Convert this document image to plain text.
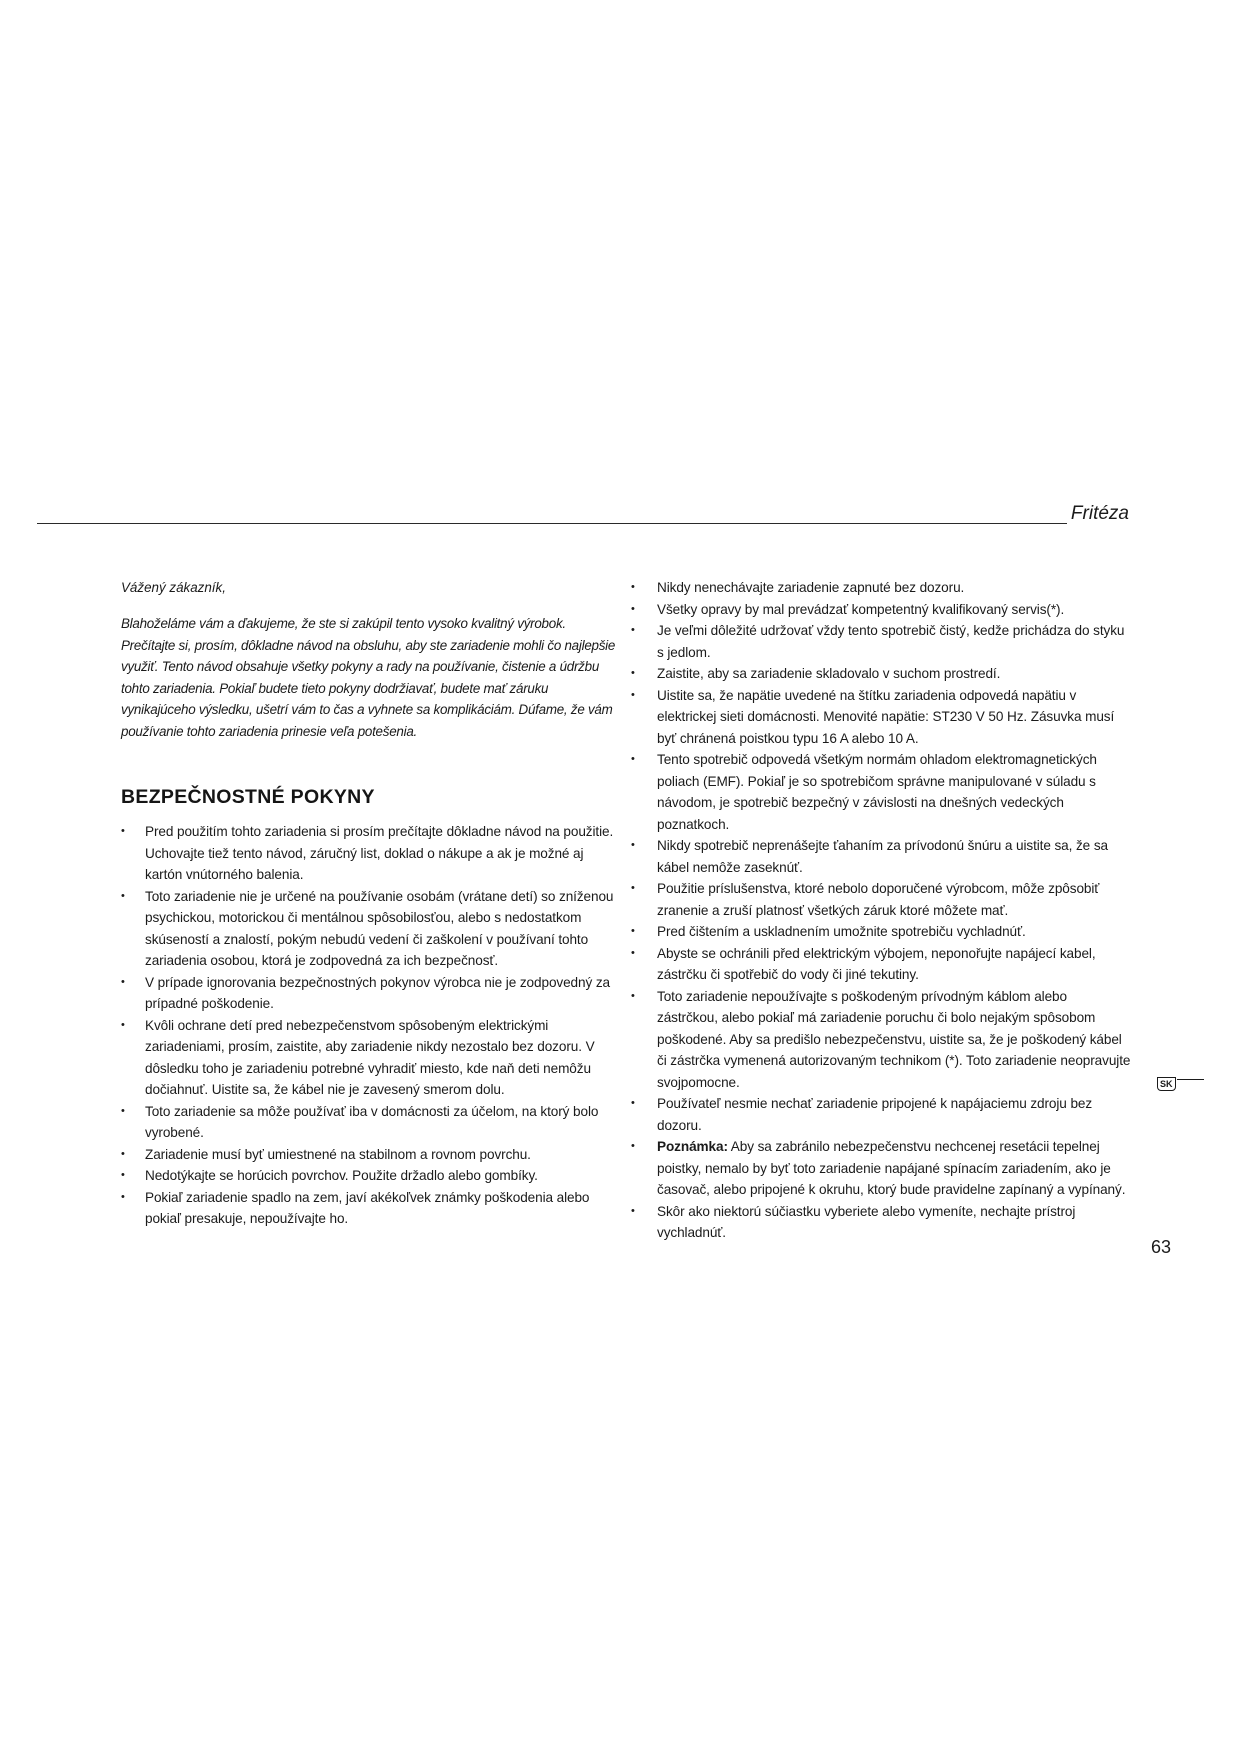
Fritéza

Vážený zákazník,

Blahoželáme vám a ďakujeme, že ste si zakúpil tento vysoko kvalitný výrobok. Prečítajte si, prosím, dôkladne návod na obsluhu, aby ste zariadenie mohli čo najlepšie využiť. Tento návod obsahuje všetky pokyny a rady na používanie, čistenie a údržbu tohto zariadenia. Pokiaľ budete tieto pokyny dodržiavať, budete mať záruku vynikajúceho výsledku, ušetrí vám to čas a vyhnete sa komplikáciám. Dúfame, že vám používanie tohto zariadenia prinesie veľa potešenia.

BEZPEČNOSTNÉ POKYNY
• Pred použitím tohto zariadenia si prosím prečítajte dôkladne návod na použitie. Uchovajte tiež tento návod, záručný list, doklad o nákupe a ak je možné aj kartón vnútorného balenia.
• Toto zariadenie nie je určené na používanie osobám (vrátane detí) so zníženou psychickou, motorickou či mentálnou spôsobilosťou, alebo s nedostatkom skúseností a znalostí, pokým nebudú vedení či zaškolení v používaní tohto zariadenia osobou, ktorá je zodpovedná za ich bezpečnosť.
• V prípade ignorovania bezpečnostných pokynov výrobca nie je zodpovedný za prípadné poškodenie.
• Kvôli ochrane detí pred nebezpečenstvom spôsobeným elektrickými zariadeniami, prosím, zaistite, aby zariadenie nikdy nezostalo bez dozoru. V dôsledku toho je zariadeniu potrebné vyhradiť miesto, kde naň deti nemôžu dočiahnuť. Uistite sa, že kábel nie je zavesený smerom dolu.
• Toto zariadenie sa môže používať iba v domácnosti za účelom, na ktorý bolo vyrobené.
• Zariadenie musí byť umiestnené na stabilnom a rovnom povrchu.
• Nedotýkajte se horúcich povrchov. Použite držadlo alebo gombíky.
• Pokiaľ zariadenie spadlo na zem, javí akékoľvek známky poškodenia alebo pokiaľ presakuje, nepoužívajte ho.
• Nikdy nenechávajte zariadenie zapnuté bez dozoru.
• Všetky opravy by mal prevádzať kompetentný kvalifikovaný servis(*).
• Je veľmi dôležité udržovať vždy tento spotrebič čistý, kedže prichádza do styku s jedlom.
• Zaistite, aby sa zariadenie skladovalo v suchom prostredí.
• Uistite sa, že napätie uvedené na štítku zariadenia odpovedá napätiu v elektrickej sieti domácnosti. Menovité napätie: ST230 V 50 Hz. Zásuvka musí byť chránená poistkou typu 16 A alebo 10 A.
• Tento spotrebič odpovedá všetkým normám ohladom elektromagnetických poliach (EMF). Pokiaľ je so spotrebičom správne manipulované v súladu s návodom, je spotrebič bezpečný v závislosti na dnešných vedeckých poznatkoch.
• Nikdy spotrebič neprenášejte ťahaním za prívodonú šnúru a uistite sa, že sa kábel nemôže zaseknúť.
• Použitie príslušenstva, ktoré nebolo doporučené výrobcom, môže zpôsobiť zranenie a zruší platnosť všetkých záruk ktoré môžete mať.
• Pred čištením a uskladnením umožnite spotrebiču vychladnúť.
• Abyste se ochránili před elektrickým výbojem, neponořujte napájecí kabel, zástrčku či spotřebič do vody či jiné tekutiny.
• Toto zariadenie nepoužívajte s poškodeným prívodným káblom alebo zástrčkou, alebo pokiaľ má zariadenie poruchu či bolo nejakým spôsobom poškodené. Aby sa predišlo nebezpečenstvu, uistite sa, že je poškodený kábel či zástrčka vymenená autorizovaným technikom (*). Toto zariadenie neopravujte svojpomocne.
• Používateľ nesmie nechať zariadenie pripojené k napájaciemu zdroju bez dozoru.
• Poznámka: Aby sa zabránilo nebezpečenstvu nechcenej resetácii tepelnej poistky, nemalo by byť toto zariadenie napájané spínacím zariadením, ako je časovač, alebo pripojené k okruhu, ktorý bude pravidelne zapínaný a vypínaný.
• Skôr ako niektorú súčiastku vyberiete alebo vymeníte, nechajte prístroj vychladnúť.
SK
63
